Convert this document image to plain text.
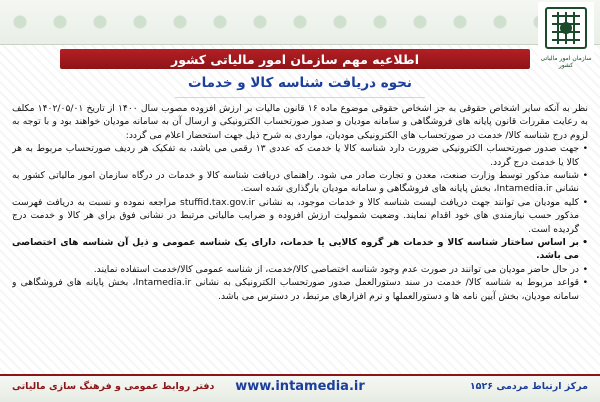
سازمان امور مالیاتی کشور
اطلاعیه مهم سازمان امور مالیاتی کشور
نحوه دریافت شناسه کالا و خدمات

نظر به آنکه سایر اشخاص حقوقی به جز اشخاص حقوقی موضوع ماده ۱۶ قانون مالیات بر ارزش افزوده مصوب سال ۱۴۰۰ از تاریخ ۱۴۰۲/۰۵/۰۱ مکلف به رعایت مقررات قانون پایانه های فروشگاهی و سامانه مودیان و صدور صورتحساب الکترونیکی و ارسال آن به سامانه مودیان خواهند بود و با توجه به لزوم درج شناسه کالا/ خدمت در صورتحساب های الکترونیکی مودیان، مواردی به شرح ذیل جهت استحضار اعلام می گردد:

• جهت صدور صورتحساب الکترونیکی ضرورت دارد شناسه کالا یا خدمت که عددی ۱۳ رقمی می باشد، به تفکیک هر ردیف صورتحساب مربوط به هر کالا یا خدمت درج گردد.

• شناسه مذکور توسط وزارت صنعت، معدن و تجارت صادر می شود. راهنمای دریافت شناسه کالا و خدمات در درگاه سازمان امور مالیاتی کشور به نشانی Intamedia.ir، بخش پایانه های فروشگاهی و سامانه مودیان بارگذاری شده است.

• کلیه مودیان می توانند جهت دریافت لیست شناسه کالا و خدمات موجود، به نشانی stuffid.tax.gov.ir مراجعه نموده و نسبت به دریافت فهرست مذکور حسب نیازمندی های خود اقدام نمایند. وضعیت شمولیت ارزش افزوده و ضرایب مالیاتی مرتبط در نشانی فوق برای هر کالا و خدمت درج گردیده است.

• بر اساس ساختار شناسه کالا و خدمات هر گروه کالایی یا خدمات، دارای یک شناسه عمومی و ذیل آن شناسه های اختصاصی می باشد.

• در حال حاضر مودیان می توانند در صورت عدم وجود شناسه اختصاصی کالا/خدمت، از شناسه عمومی کالا/خدمت استفاده نمایند.

• قواعد مربوط به شناسه کالا/ خدمت در سند دستورالعمل صدور صورتحساب الکترونیکی به نشانی Intamedia.ir، بخش پایانه های فروشگاهی و سامانه مودیان، بخش آیین نامه ها و دستورالعملها و نرم افزارهای مرتبط، در دسترس می باشد.

مرکز ارتباط مردمی ۱۵۲۶
www.intamedia.ir
دفتر روابط عمومی و فرهنگ سازی مالیاتی
